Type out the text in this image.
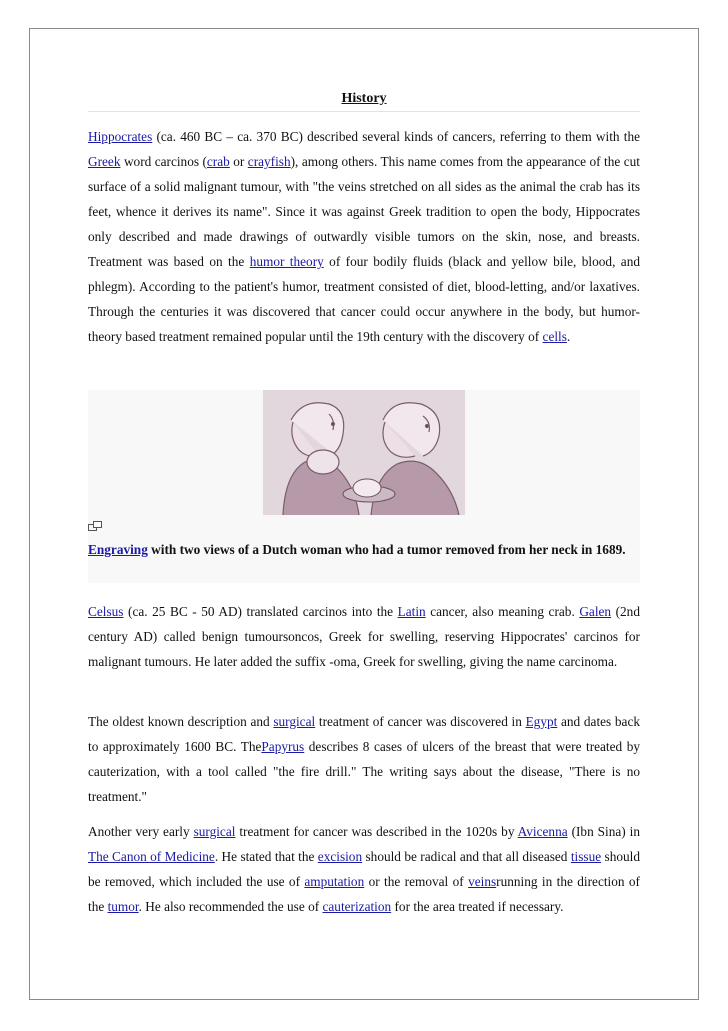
History

Hippocrates (ca. 460 BC – ca. 370 BC) described several kinds of cancers, referring to them with the Greek word carcinos (crab or crayfish), among others. This name comes from the appearance of the cut surface of a solid malignant tumour, with "the veins stretched on all sides as the animal the crab has its feet, whence it derives its name". Since it was against Greek tradition to open the body, Hippocrates only described and made drawings of outwardly visible tumors on the skin, nose, and breasts. Treatment was based on the humor theory of four bodily fluids (black and yellow bile, blood, and phlegm). According to the patient's humor, treatment consisted of diet, blood-letting, and/or laxatives. Through the centuries it was discovered that cancer could occur anywhere in the body, but humor-theory based treatment remained popular until the 19th century with the discovery of cells.

Engraving with two views of a Dutch woman who had a tumor removed from her neck in 1689.

Celsus (ca. 25 BC - 50 AD) translated carcinos into the Latin cancer, also meaning crab. Galen (2nd century AD) called benign tumoursoncos, Greek for swelling, reserving Hippocrates' carcinos for malignant tumours. He later added the suffix -oma, Greek for swelling, giving the name carcinoma.

The oldest known description and surgical treatment of cancer was discovered in Egypt and dates back to approximately 1600 BC. ThePapyrus describes 8 cases of ulcers of the breast that were treated by cauterization, with a tool called "the fire drill." The writing says about the disease, "There is no treatment."

Another very early surgical treatment for cancer was described in the 1020s by Avicenna (Ibn Sina) in The Canon of Medicine. He stated that the excision should be radical and that all diseased tissue should be removed, which included the use of amputation or the removal of veinsrunning in the direction of the tumor. He also recommended the use of cauterization for the area treated if necessary.
